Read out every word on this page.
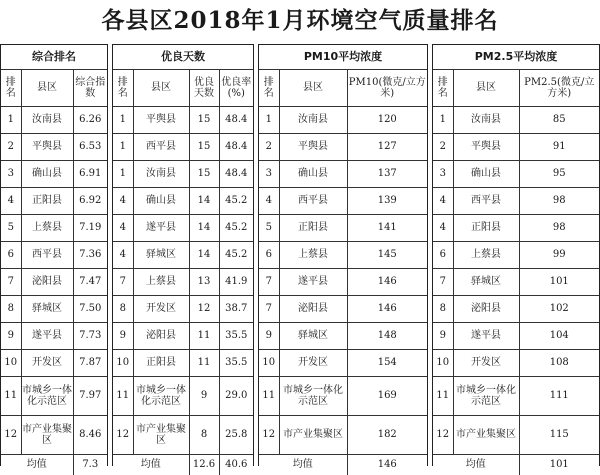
各县区2018年1月环境空气质量排名
综合排名		
排名	县区	综合指数
1	汝南县	6.26
2	平舆县	6.53
3	确山县	6.91
4	正阳县	6.92
5	上蔡县	7.19
6	西平县	7.36
7	泌阳县	7.47
8	驿城区	7.50
9	遂平县	7.73
10	开发区	7.87
11	市城乡一体化示范区	7.97
12	市产业集聚区	8.46
均值		7.3
优良天数			
排名	县区	优良天数	优良率(%)
1	平舆县	15	48.4
1	西平县	15	48.4
1	汝南县	15	48.4
4	确山县	14	45.2
4	遂平县	14	45.2
4	驿城区	14	45.2
7	上蔡县	13	41.9
8	开发区	12	38.7
9	泌阳县	11	35.5
10	正阳县	11	35.5
11	市城乡一体化示范区	9	29.0
12	市产业集聚区	8	25.8
均值		12.6	40.6
PM10平均浓度		
排名	县区	PM10(微克/立方米)
1	汝南县	120
2	平舆县	127
3	确山县	137
4	西平县	139
5	正阳县	141
6	上蔡县	145
7	遂平县	146
7	泌阳县	146
9	驿城区	148
10	开发区	154
11	市城乡一体化示范区	169
12	市产业集聚区	182
均值		146
PM2.5平均浓度		
排名	县区	PM2.5(微克/立方米)
1	汝南县	85
2	平舆县	91
3	确山县	95
4	西平县	98
4	正阳县	98
6	上蔡县	99
7	驿城区	101
8	泌阳县	102
9	遂平县	104
10	开发区	108
11	市城乡一体化示范区	111
12	市产业集聚区	115
均值		101
